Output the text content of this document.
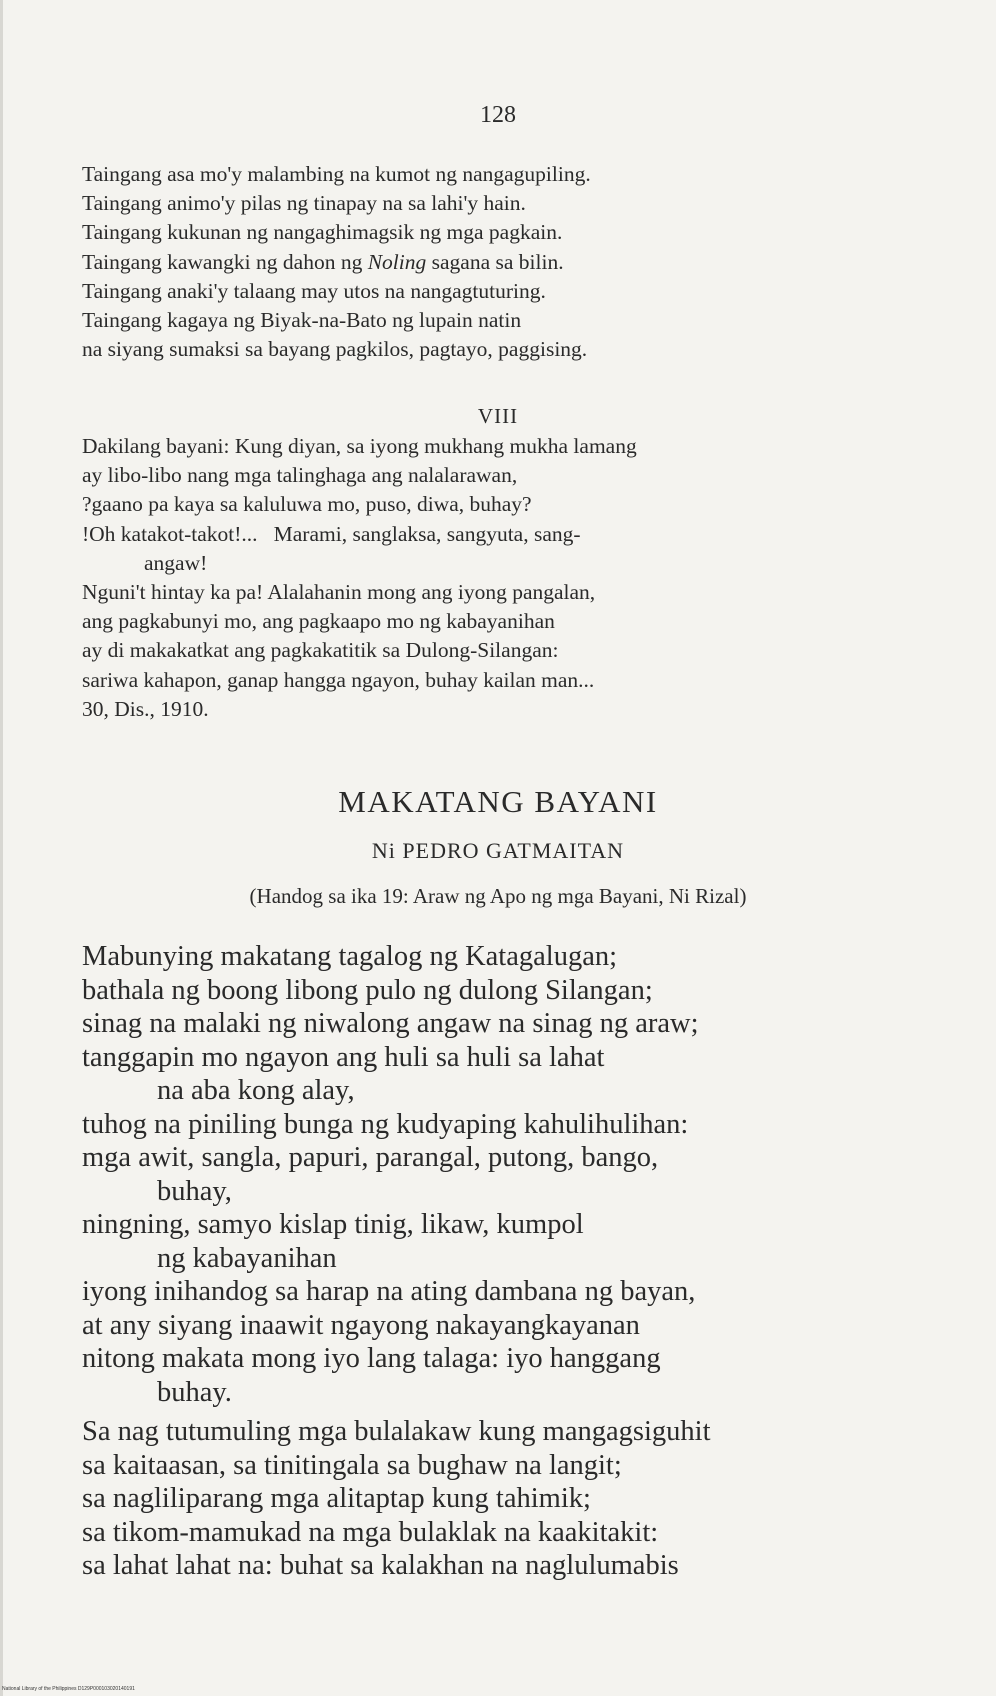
128
Taingang asa mo'y malambing na kumot ng nangagupiling.
Taingang animo'y pilas ng tinapay na sa lahi'y hain.
Taingang kukunan ng nangaghimagsik ng mga pagkain.
Taingang kawangki ng dahon ng Noling sagana sa bilin.
Taingang anaki'y talaang may utos na nangagtuturing.
Taingang kagaya ng Biyak-na-Bato ng lupain natin
na siyang sumaksi sa bayang pagkilos, pagtayo, paggising.
VIII
Dakilang bayani: Kung diyan, sa iyong mukhang mukha lamang
ay libo-libo nang mga talinghaga ang nalalarawan,
?gaano pa kaya sa kaluluwa mo, puso, diwa, buhay?
!Oh katakot-takot!...   Marami, sanglaksa, sangyuta, sang-
angaw!
Nguni't hintay ka pa! Alalahanin mong ang iyong pangalan,
ang pagkabunyi mo, ang pagkaapo mo ng kabayanihan
ay di makakatkat ang pagkakatitik sa Dulong-Silangan:
sariwa kahapon, ganap hangga ngayon, buhay kailan man...
30, Dis., 1910.
MAKATANG BAYANI
Ni PEDRO GATMAITAN
(Handog sa ika 19: Araw ng Apo ng mga Bayani, Ni Rizal)
Mabunying makatang tagalog ng Katagalugan;
bathala ng boong libong pulo ng dulong Silangan;
sinag na malaki ng niwalong angaw na sinag ng araw;
tanggapin mo ngayon ang huli sa huli sa lahat
na aba kong alay,
tuhog na piniling bunga ng kudyaping kahulihulihan:
mga awit, sangla, papuri, parangal, putong, bango,
buhay,
ningning, samyo kislap tinig, likaw, kumpol
ng kabayanihan
iyong inihandog sa harap na ating dambana ng bayan,
at any siyang inaawit ngayong nakayangkayanan
nitong makata mong iyo lang talaga: iyo hanggang
buhay.
Sa nag tutumuling mga bulalakaw kung mangagsiguhit
sa kaitaasan, sa tinitingala sa bughaw na langit;
sa nagliliparang mga alitaptap kung tahimik;
sa tikom-mamukad na mga bulaklak na kaakitakit:
sa lahat lahat na: buhat sa kalakhan na naglulumabis
National Library of the Philippines D129P000103020140191
